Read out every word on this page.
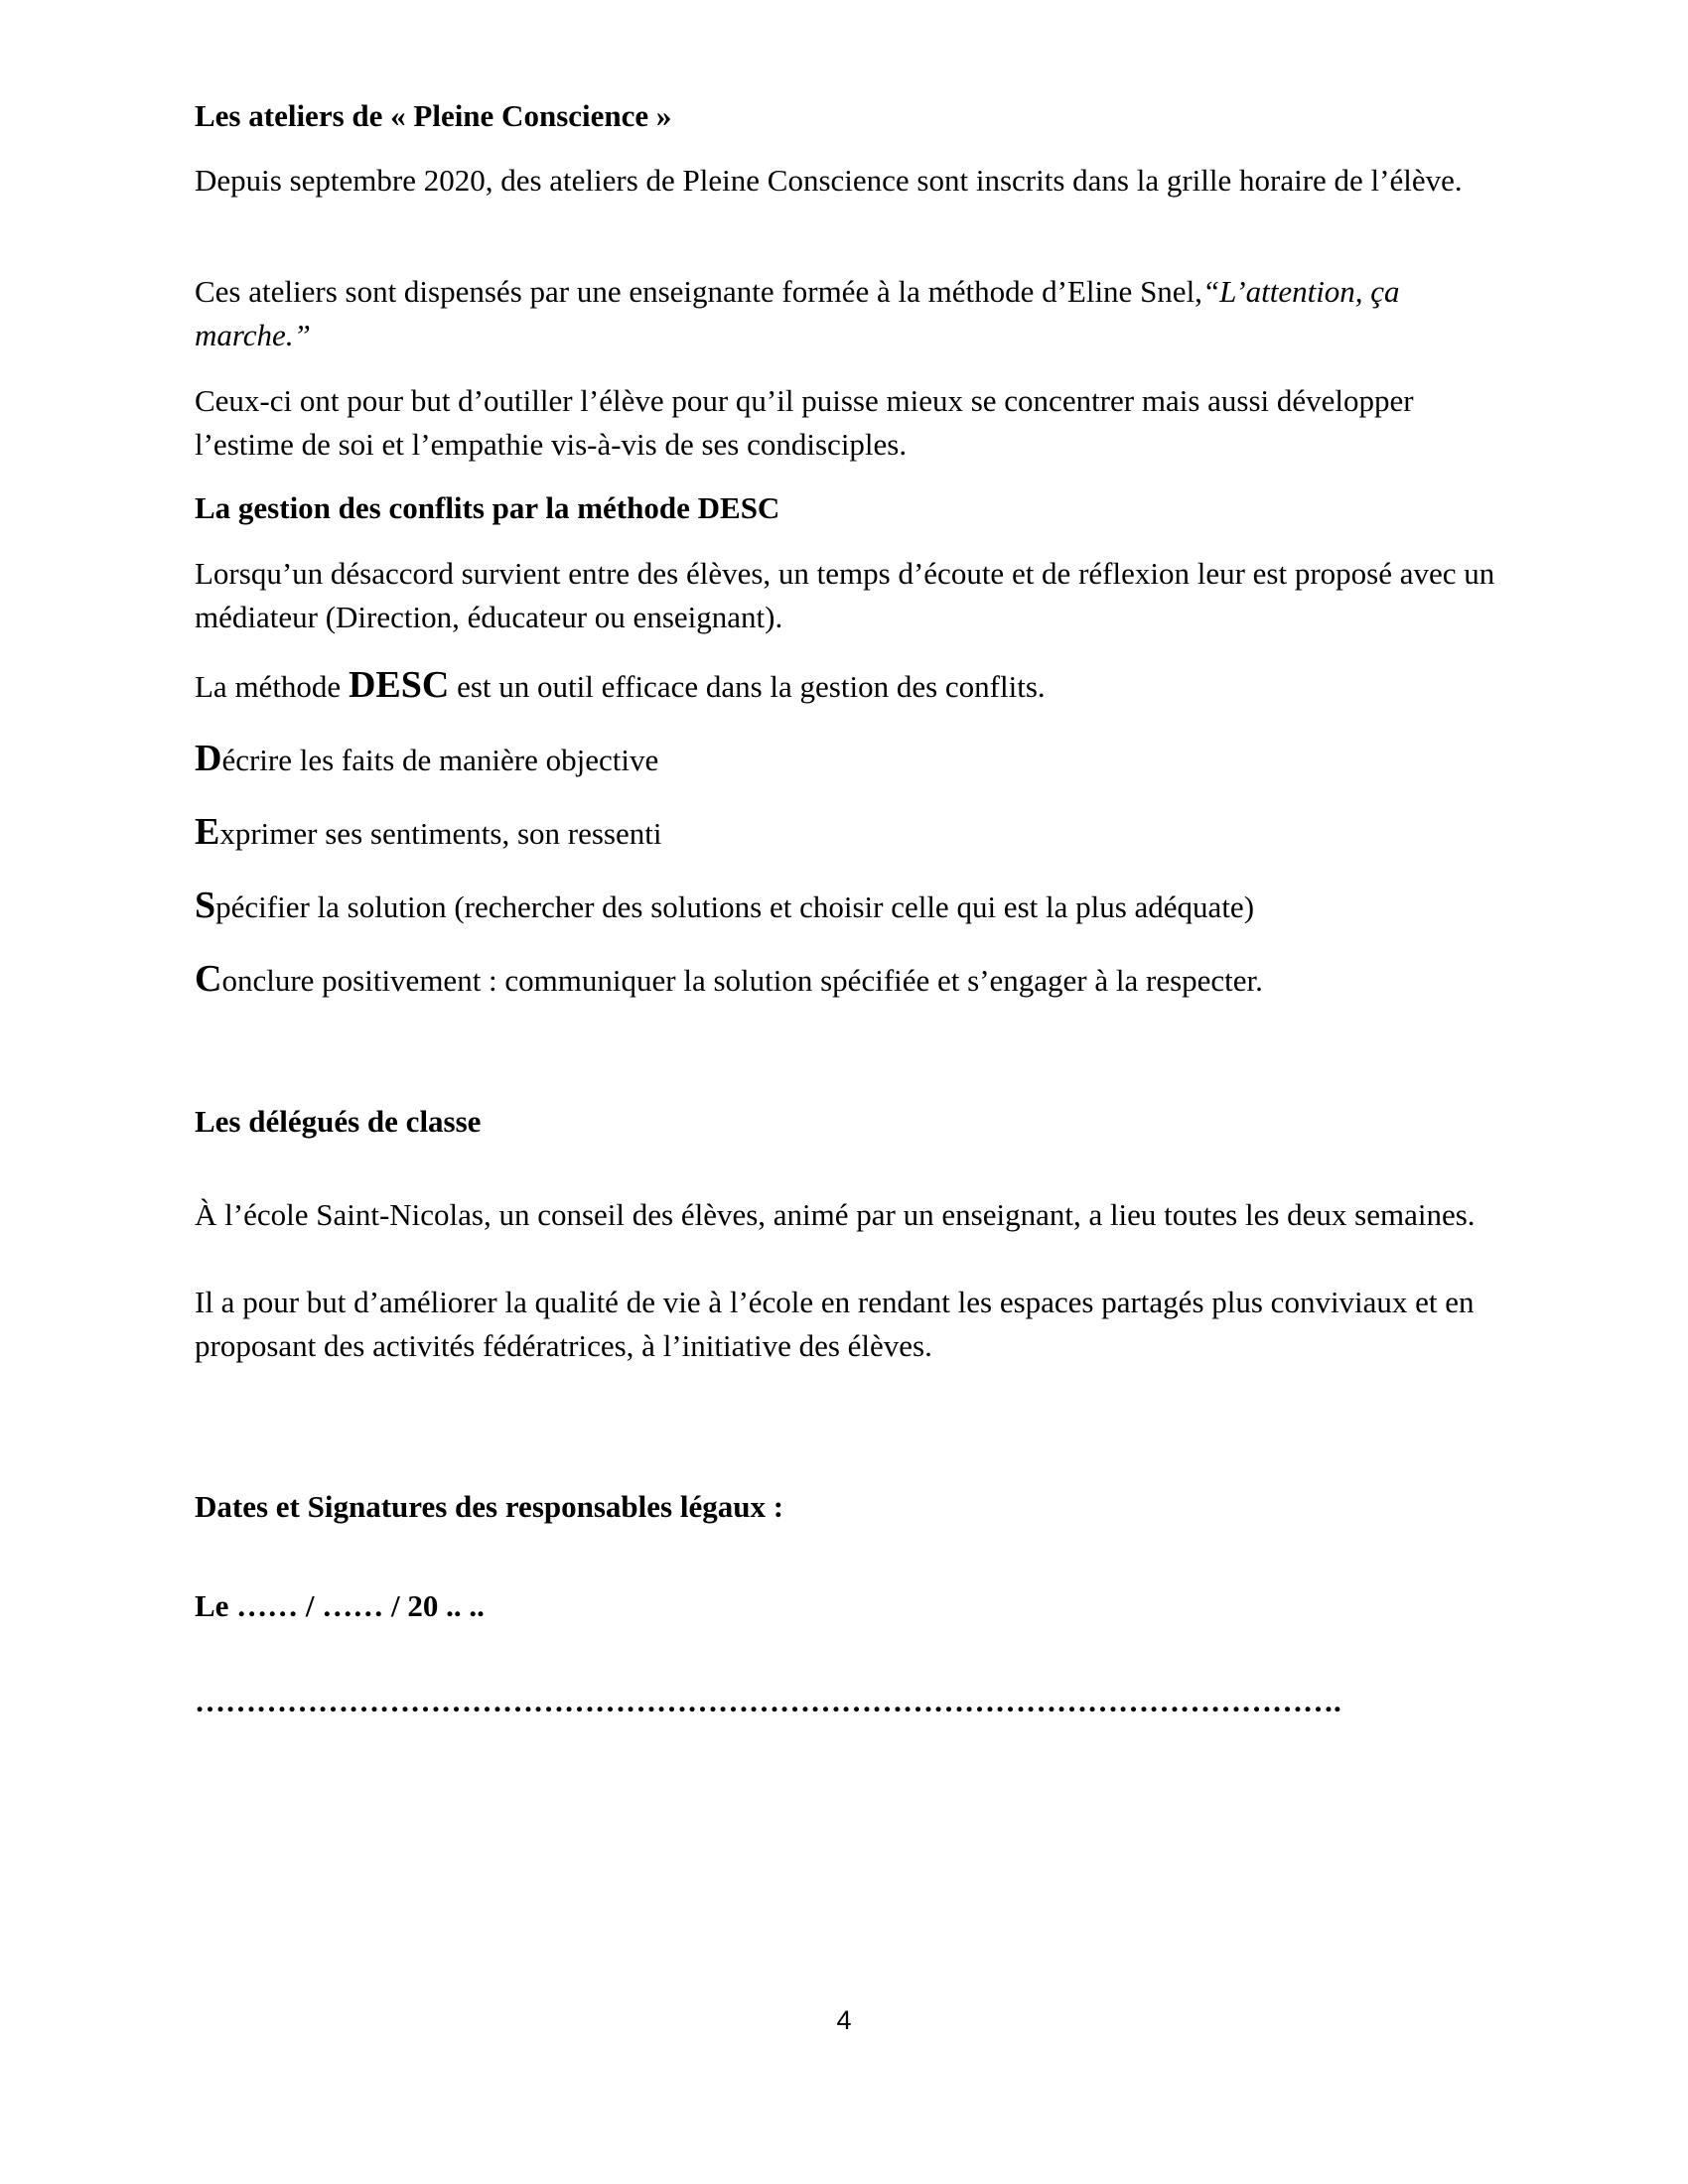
Les ateliers de « Pleine Conscience »

Depuis septembre 2020, des ateliers de Pleine Conscience sont inscrits dans la grille horaire de l’élève.

Ces ateliers sont dispensés par une enseignante formée à la méthode d’Eline Snel,“L’attention, ça marche.”

Ceux-ci ont pour but d’outiller l’élève pour qu’il puisse mieux se concentrer mais aussi développer l’estime de soi et l’empathie vis-à-vis de ses condisciples.

La gestion des conflits par la méthode DESC

Lorsqu’un désaccord survient entre des élèves, un temps d’écoute et de réflexion leur est proposé avec un médiateur (Direction, éducateur ou enseignant).

La méthode DESC est un outil efficace dans la gestion des conflits.

Décrire les faits de manière objective

Exprimer ses sentiments, son ressenti

Spécifier la solution (rechercher des solutions et choisir celle qui est la plus adéquate)

Conclure positivement : communiquer la solution spécifiée et s’engager à la respecter.

Les délégués de classe

À l’école Saint-Nicolas, un conseil des élèves, animé par un enseignant, a lieu toutes les deux semaines.

Il a pour but d’améliorer la qualité de vie à l’école en rendant les espaces partagés plus conviviaux et en proposant des activités fédératrices, à l’initiative des élèves.

Dates et Signatures des responsables légaux :

Le …… / …… / 20 .. ..

………………………………………………………………………………………………….

4
